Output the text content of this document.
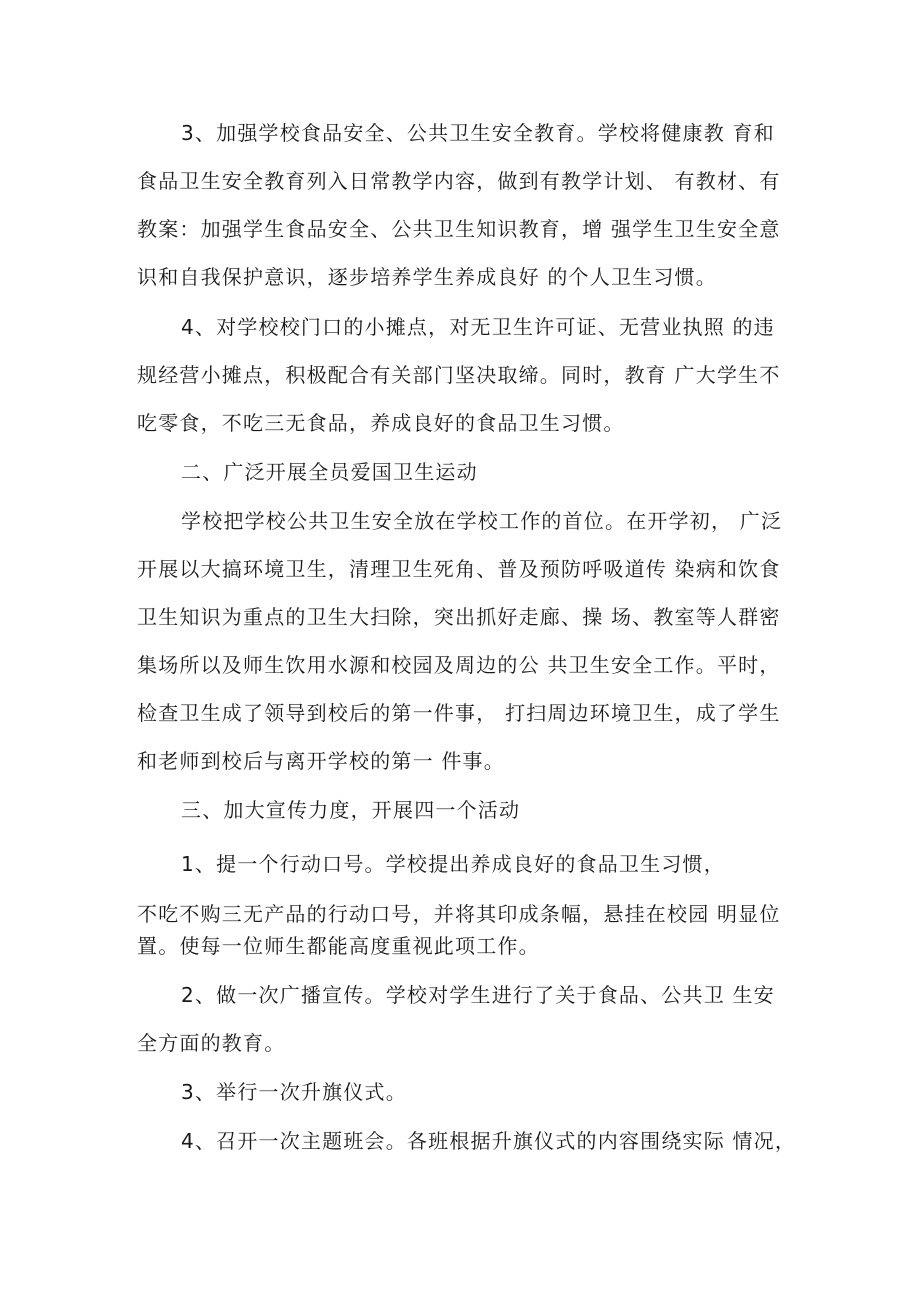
3、加强学校食品安全、公共卫生安全教育。学校将健康教 育和
食品卫生安全教育列入日常教学内容，做到有教学计划、 有教材、有
教案：加强学生食品安全、公共卫生知识教育，增 强学生卫生安全意
识和自我保护意识，逐步培养学生养成良好 的个人卫生习惯。
4、对学校校门口的小摊点，对无卫生许可证、无营业执照 的违
规经营小摊点，积极配合有关部门坚决取缔。同时，教育 广大学生不
吃零食，不吃三无食品，养成良好的食品卫生习惯。
二、广泛开展全员爱国卫生运动
学校把学校公共卫生安全放在学校工作的首位。在开学初， 广泛
开展以大搞环境卫生，清理卫生死角、普及预防呼吸道传 染病和饮食
卫生知识为重点的卫生大扫除，突出抓好走廊、操 场、教室等人群密
集场所以及师生饮用水源和校园及周边的公 共卫生安全工作。平时，
检查卫生成了领导到校后的第一件事， 打扫周边环境卫生，成了学生
和老师到校后与离开学校的第一 件事。
三、加大宣传力度，开展四一个活动
1、提一个行动口号。学校提出养成良好的食品卫生习惯，
不吃不购三无产品的行动口号，并将其印成条幅，悬挂在校园 明显位
置。使每一位师生都能高度重视此项工作。
2、做一次广播宣传。学校对学生进行了关于食品、公共卫 生安
全方面的教育。
3、举行一次升旗仪式。
4、召开一次主题班会。各班根据升旗仪式的内容围绕实际 情况，
